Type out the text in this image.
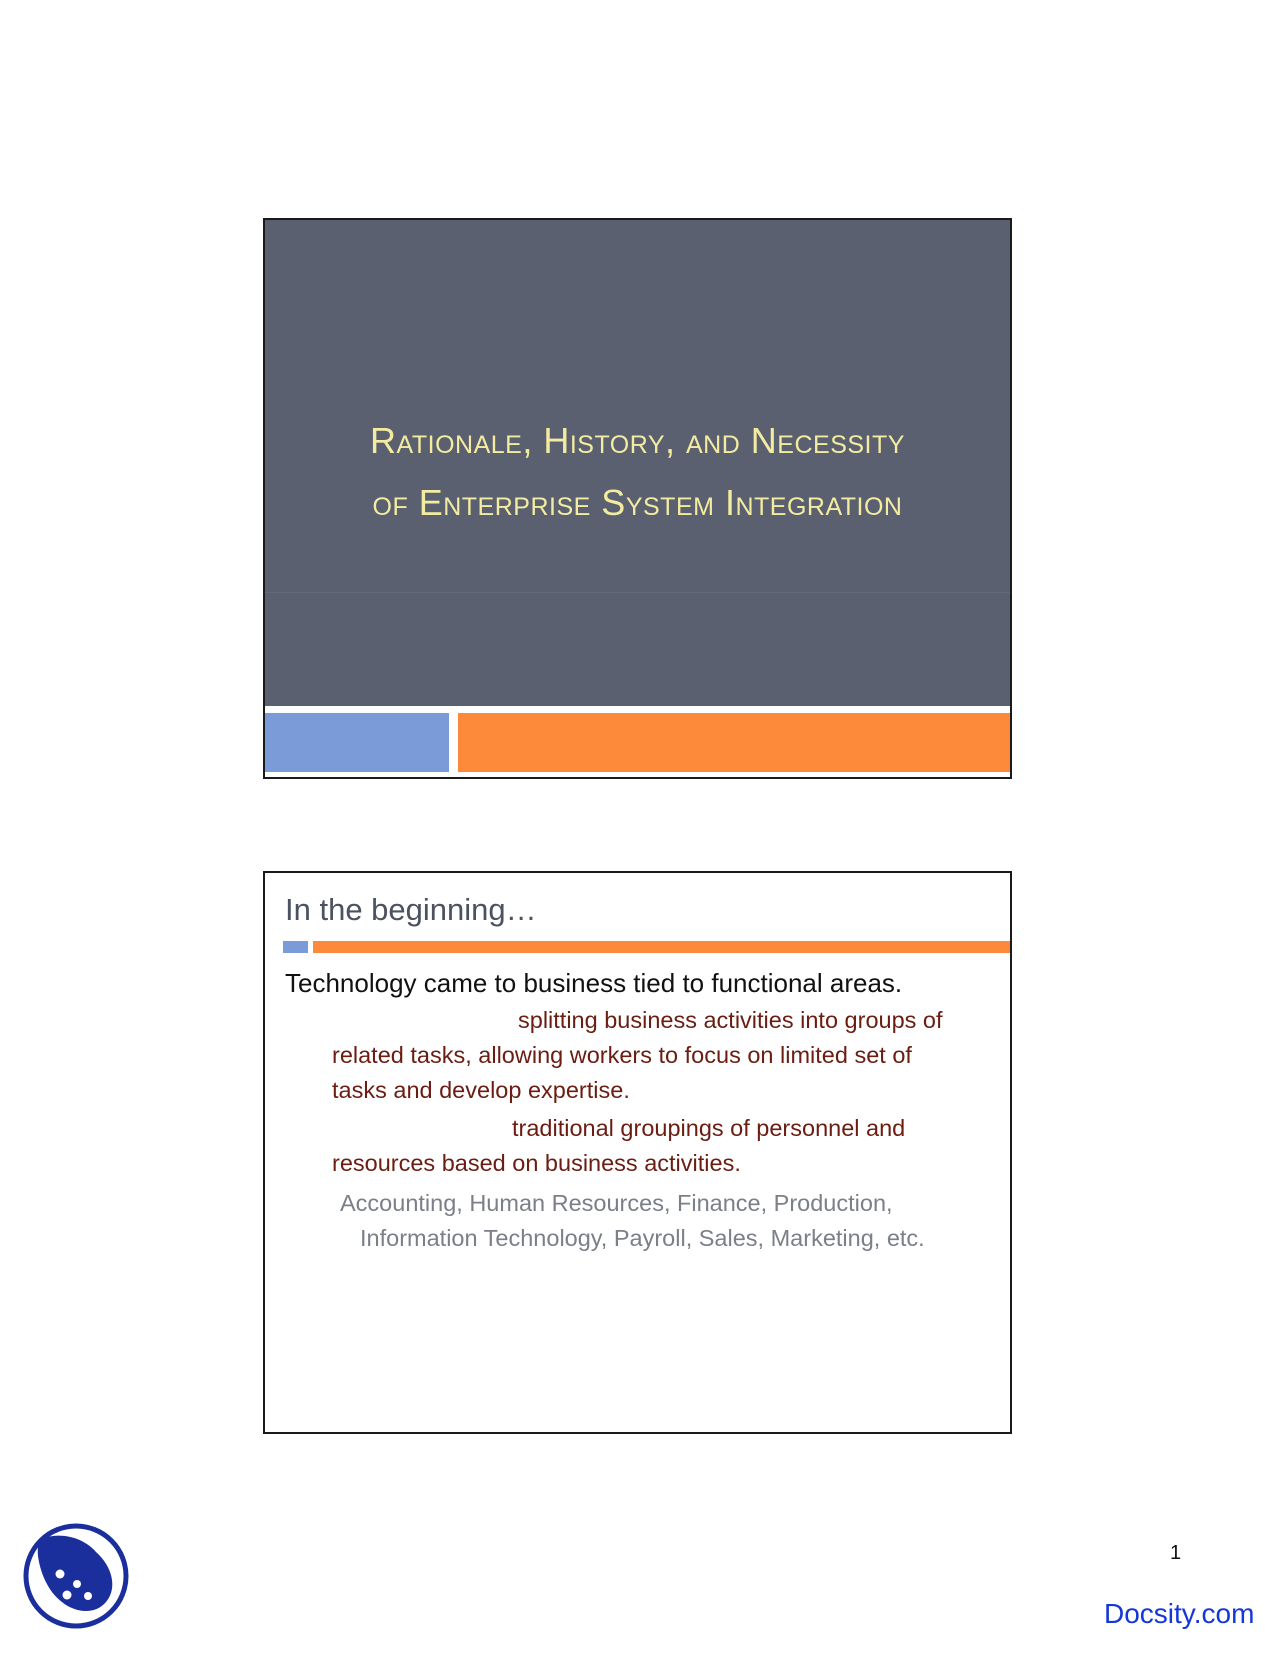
Rationale, History, and Necessity
of Enterprise System Integration
In the beginning…
Technology came to business tied to functional areas.
splitting business activities into groups of related tasks, allowing workers to focus on limited set of tasks and develop expertise.
traditional groupings of personnel and resources based on business activities.
Accounting, Human Resources, Finance, Production, Information Technology, Payroll, Sales, Marketing, etc.
1
Docsity.com
